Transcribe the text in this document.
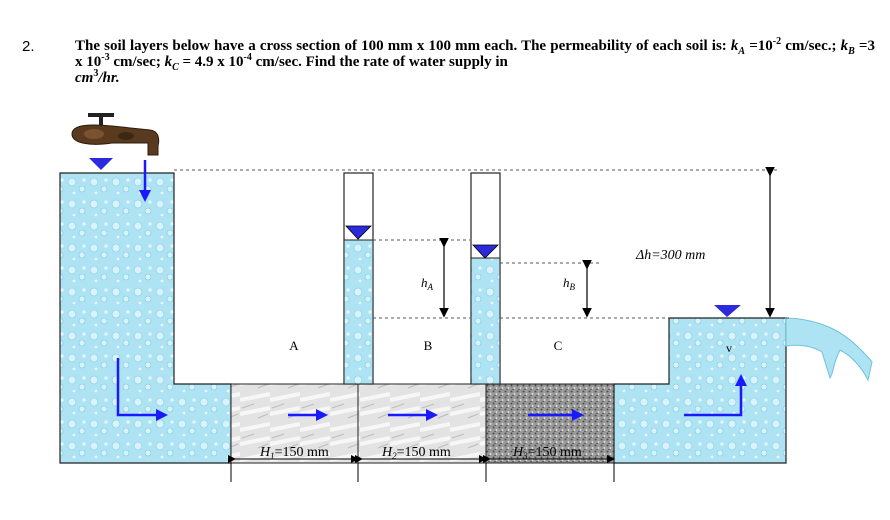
2.	The soil layers below have a cross section of 100 mm x 100 mm each. The permeability of each soil is: $k_A =10^{-2}$ cm/sec.; $k_B =3$ x $10^{-3}$ cm/sec; $k_C = 4.9$ x $10^{-4}$ cm/sec. Find the rate of water supply in
$cm^3/hr$.
A	B	C
$h_A$	$h_B$
Δh=300 mm
v
$H_1=150$ mm	$H_2=150$ mm	$H_3=150$ mm
